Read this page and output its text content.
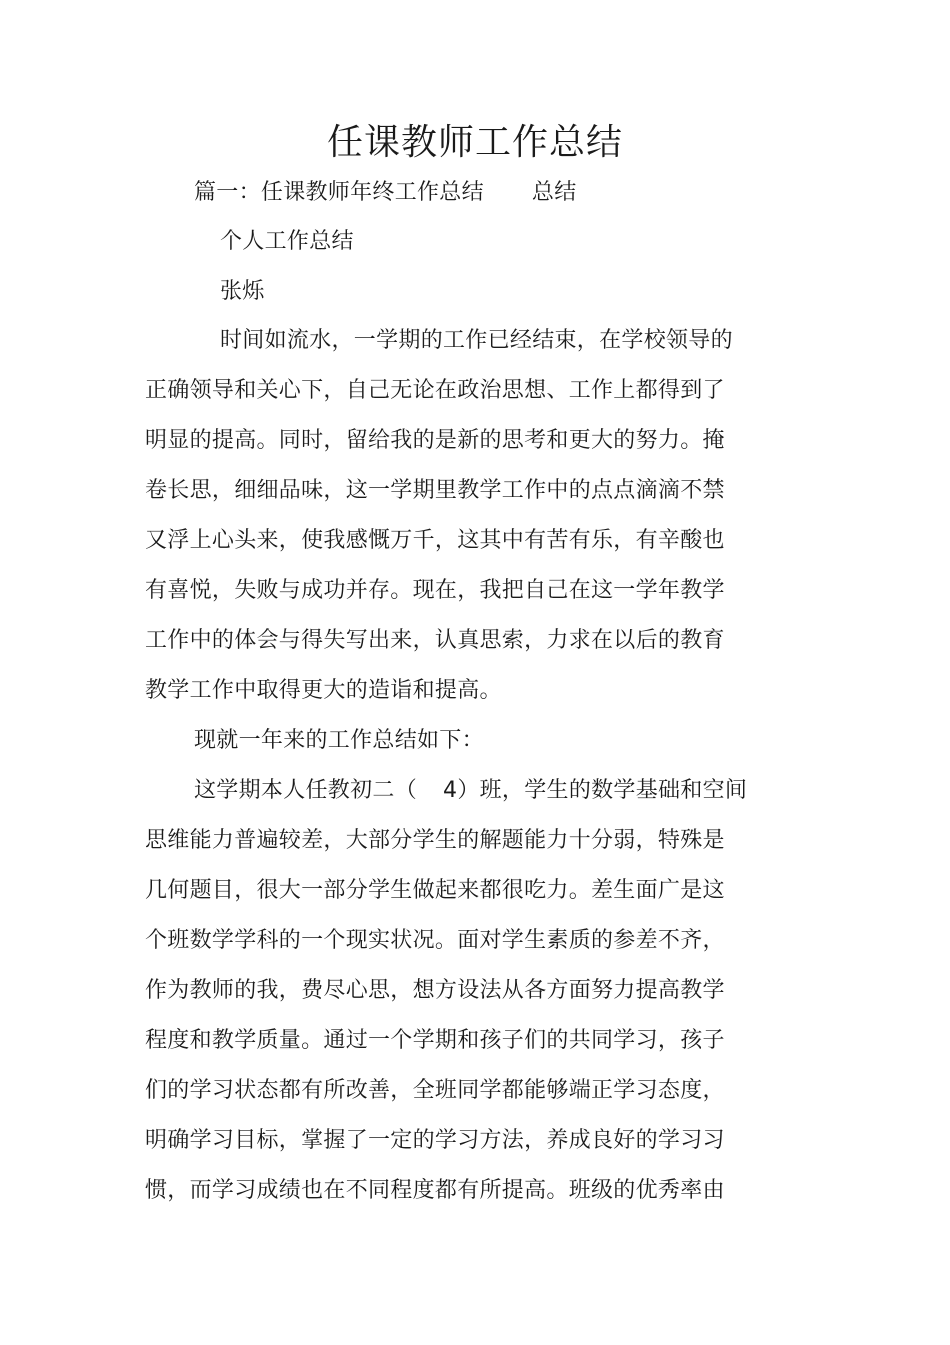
任课教师工作总结
篇一：任课教师年终工作总结 总结
个人工作总结
张烁
时间如流水，一学期的工作已经结束，在学校领导的
正确领导和关心下，自己无论在政治思想、工作上都得到了
明显的提高。同时，留给我的是新的思考和更大的努力。掩
卷长思，细细品味，这一学期里教学工作中的点点滴滴不禁
又浮上心头来，使我感慨万千，这其中有苦有乐，有辛酸也
有喜悦，失败与成功并存。现在，我把自己在这一学年教学
工作中的体会与得失写出来，认真思索，力求在以后的教育
教学工作中取得更大的造诣和提高。
现就一年来的工作总结如下：
这学期本人任教初二（ 4）班，学生的数学基础和空间
思维能力普遍较差，大部分学生的解题能力十分弱，特殊是
几何题目，很大一部分学生做起来都很吃力。差生面广是这
个班数学学科的一个现实状况。面对学生素质的参差不齐，
作为教师的我，费尽心思，想方设法从各方面努力提高教学
程度和教学质量。通过一个学期和孩子们的共同学习，孩子
们的学习状态都有所改善，全班同学都能够端正学习态度，
明确学习目标，掌握了一定的学习方法，养成良好的学习习
惯，而学习成绩也在不同程度都有所提高。班级的优秀率由
